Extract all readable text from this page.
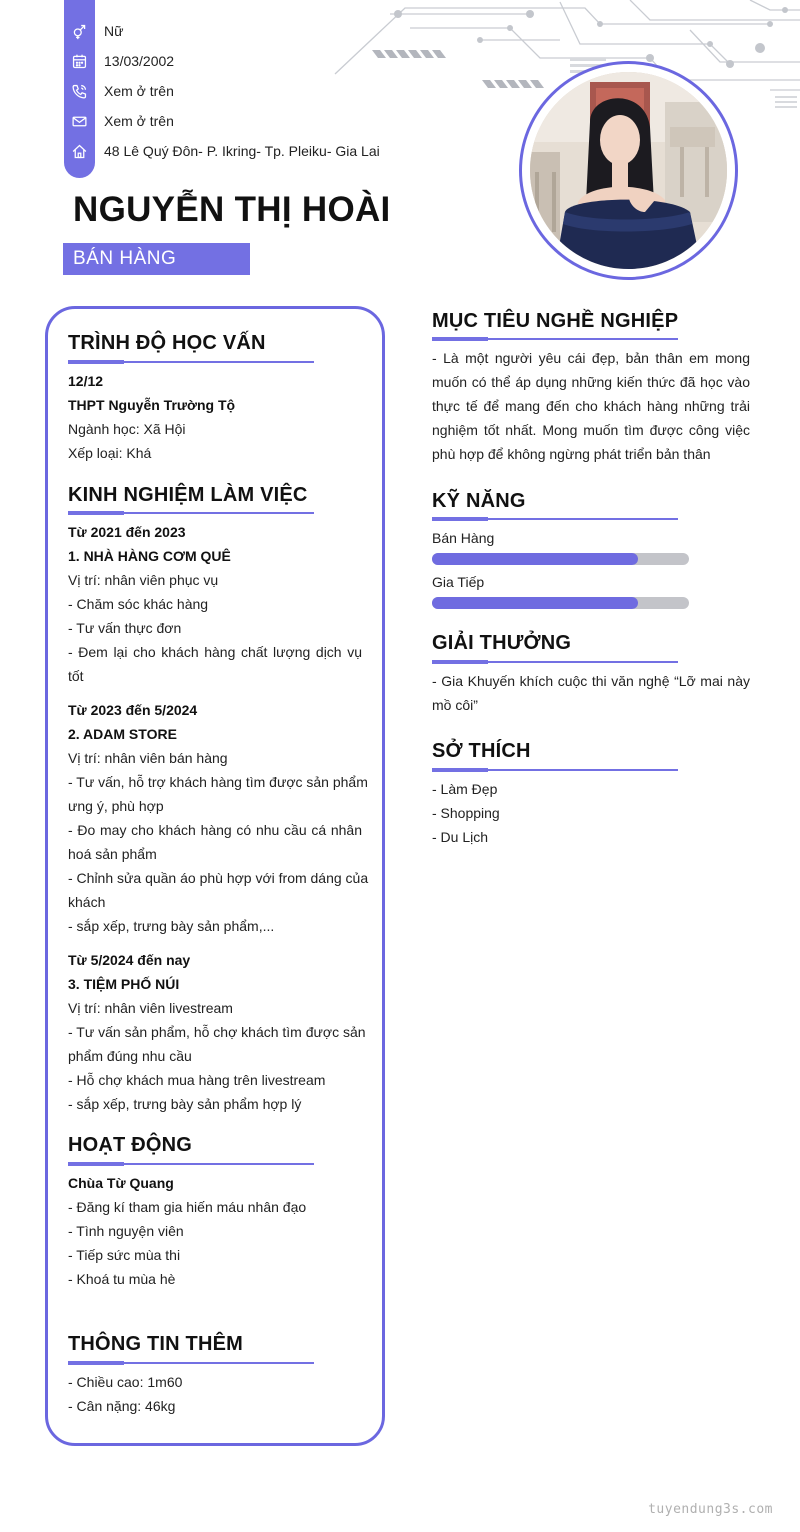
Nữ
13/03/2002
Xem ở trên
Xem ở trên
48 Lê Quý Đôn- P. Ikring- Tp. Pleiku- Gia Lai
NGUYỄN THỊ HOÀI
BÁN HÀNG
TRÌNH ĐỘ HỌC VẤN
12/12
THPT Nguyễn Trường Tộ
Ngành học: Xã Hội
Xếp loại: Khá
KINH NGHIỆM LÀM VIỆC
Từ 2021 đến 2023
1. NHÀ HÀNG CƠM QUÊ
Vị trí: nhân viên phục vụ
- Chăm sóc khác hàng
- Tư vấn thực đơn
- Đem lại cho khách hàng chất lượng dịch vụ
tốt
Từ 2023 đến 5/2024
2. ADAM STORE
Vị trí: nhân viên bán hàng
- Tư vấn, hỗ trợ khách hàng tìm được sản phẩm
ưng ý, phù hợp
- Đo may cho khách hàng có nhu cầu cá nhân
hoá sản phẩm
- Chỉnh sửa quần áo phù hợp với from dáng của
khách
- sắp xếp, trưng bày sản phẩm,...
Từ 5/2024 đến nay
3. TIỆM PHỐ NÚI
Vị trí: nhân viên livestream
- Tư vấn sản phẩm, hỗ chợ khách tìm được sản
phẩm đúng nhu cầu
- Hỗ chợ khách mua hàng trên livestream
- sắp xếp, trưng bày sản phẩm hợp lý
HOẠT ĐỘNG
Chùa Từ Quang
- Đăng kí tham gia hiến máu nhân đạo
- Tình nguyện viên
- Tiếp sức mùa thi
- Khoá tu mùa hè
THÔNG TIN THÊM
- Chiều cao: 1m60
- Cân nặng: 46kg
MỤC TIÊU NGHỀ NGHIỆP
- Là một người yêu cái đẹp, bản thân em mong
muốn có thể áp dụng những kiến thức đã học vào
thực tế để mang đến cho khách hàng những trải
nghiệm tốt nhất. Mong muốn tìm được công việc
phù hợp để không ngừng phát triển bản thân
KỸ NĂNG
Bán Hàng
Gia Tiếp
GIẢI THƯỞNG
- Gia Khuyến khích cuộc thi văn nghệ “Lỡ mai này
mồ côi”
SỞ THÍCH
- Làm Đẹp
- Shopping
- Du Lịch
tuyendung3s.com
